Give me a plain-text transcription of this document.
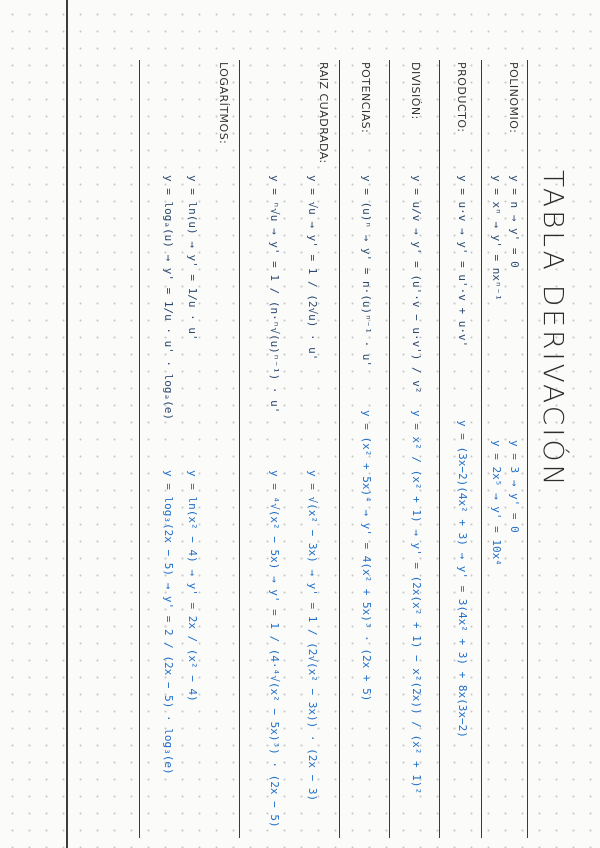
TABLA DERIVACIÓN
POLINOMIO:
y = n → y' = 0
y = xⁿ → y' = nxⁿ⁻¹
y = 3 → y' = 0
y = 2x⁵ → y' = 10x⁴
PRODUCTO:
y = u·v → y' = u'·v + u·v'
y = (3x−2)(4x² + 3) → y' = 3(4x² + 3) + 8x(3x−2)
DIVISIÓN:
y = u/v → y' = (u'·v − u·v') / v²
y = x² / (x² + 1) → y' = (2x(x² + 1) − x²(2x)) / (x² + 1)²
POTENCIAS:
y = (u)ⁿ → y' = n·(u)ⁿ⁻¹ · u'
y = (x² + 5x)⁴ → y' = 4(x² + 5x)³ · (2x + 5)
RAIZ CUADRADA:
y = √u → y' = 1 / (2√u) · u'
y = ⁿ√u → y' = 1 / (n·ⁿ√(u)ⁿ⁻¹) · u'
y = √(x² − 3x) → y' = 1 / (2√(x² − 3x)) · (2x − 3)
y = ⁴√(x² − 5x) → y' = 1 / (4·⁴√(x² − 5x)³) · (2x − 5)
LOGARÍTMOS:
y = ln(u) → y' = 1/u · u'
y = logₐ(u) → y' = 1/u · u' · logₐ(e)
y = ln(x² − 4) → y' = 2x / (x² − 4)
y = log₃(2x − 5) → y' = 2 / (2x − 5) · log₃(e)
